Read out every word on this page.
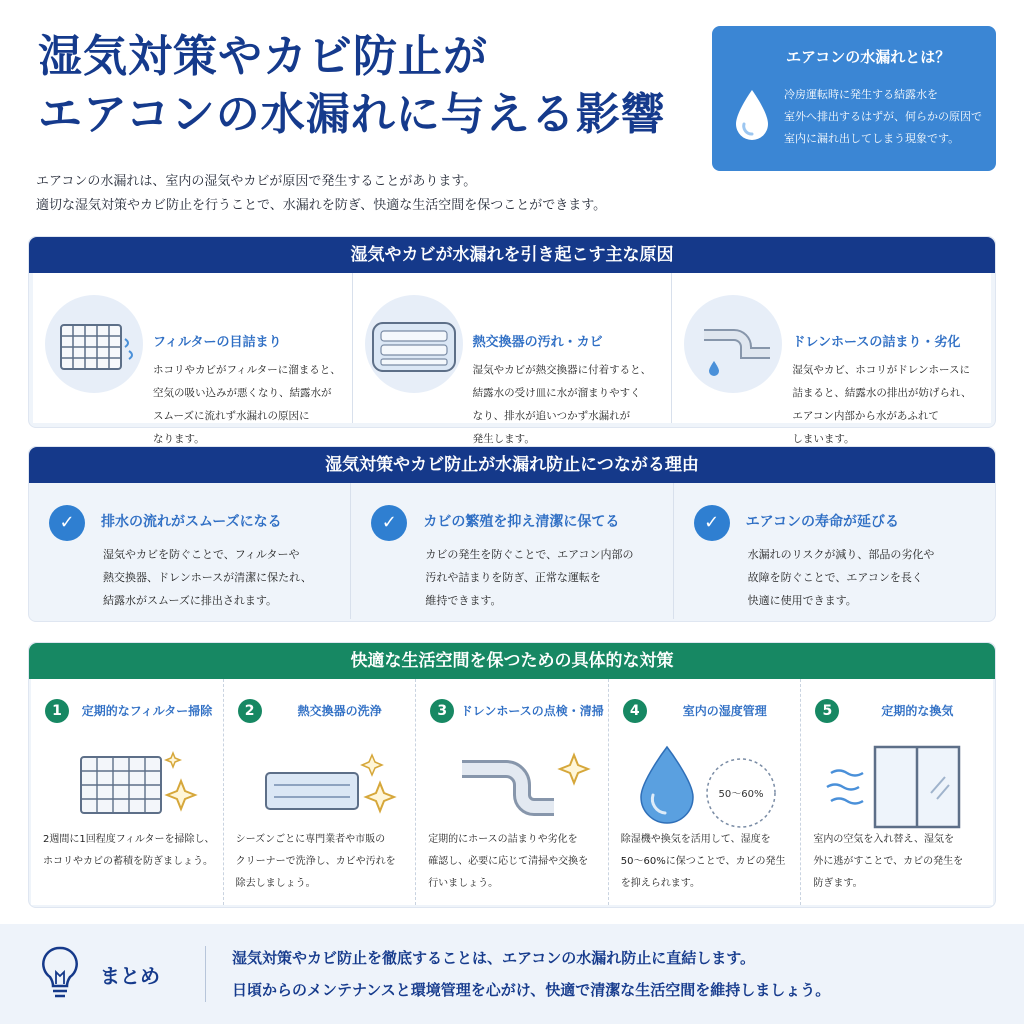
湿気対策やカビ防止が
エアコンの水漏れに与える影響
エアコンの水漏れは、室内の湿気やカビが原因で発生することがあります。
適切な湿気対策やカビ防止を行うことで、水漏れを防ぎ、快適な生活空間を保つことができます。
エアコンの水漏れとは？

冷房運転時に発生する結露水を
室外へ排出するはずが、何らかの原因で
室内に漏れ出してしまう現象です。

湿気やカビが水漏れを引き起こす主な原因
フィルターの目詰まり

ホコリやカビがフィルターに溜まると、
空気の吸い込みが悪くなり、結露水が
スムーズに流れず水漏れの原因に
なります。

熱交換器の汚れ・カビ

湿気やカビが熱交換器に付着すると、
結露水の受け皿に水が溜まりやすく
なり、排水が追いつかず水漏れが
発生します。

ドレンホースの詰まり・劣化

湿気やカビ、ホコリがドレンホースに
詰まると、結露水の排出が妨げられ、
エアコン内部から水があふれて
しまいます。

湿気対策やカビ防止が水漏れ防止につながる理由
✓	排水の流れがスムーズになる

湿気やカビを防ぐことで、フィルターや
熱交換器、ドレンホースが清潔に保たれ、
結露水がスムーズに排出されます。

✓	カビの繁殖を抑え清潔に保てる

カビの発生を防ぐことで、エアコン内部の
汚れや詰まりを防ぎ、正常な運転を
維持できます。

✓	エアコンの寿命が延びる

水漏れのリスクが減り、部品の劣化や
故障を防ぐことで、エアコンを長く
快適に使用できます。

快適な生活空間を保つための具体的な対策
1	定期的なフィルター掃除

2週間に1回程度フィルターを掃除し、
ホコリやカビの蓄積を防ぎましょう。

2	熱交換器の洗浄

シーズンごとに専門業者や市販の
クリーナーで洗浄し、カビや汚れを
除去しましょう。

3	ドレンホースの点検・清掃

定期的にホースの詰まりや劣化を
確認し、必要に応じて清掃や交換を
行いましょう。

4	室内の湿度管理
50〜60%

除湿機や換気を活用して、湿度を
50〜60%に保つことで、カビの発生
を抑えられます。

5	定期的な換気

室内の空気を入れ替え、湿気を
外に逃がすことで、カビの発生を
防ぎます。

まとめ
湿気対策やカビ防止を徹底することは、エアコンの水漏れ防止に直結します。
日頃からのメンテナンスと環境管理を心がけ、快適で清潔な生活空間を維持しましょう。
